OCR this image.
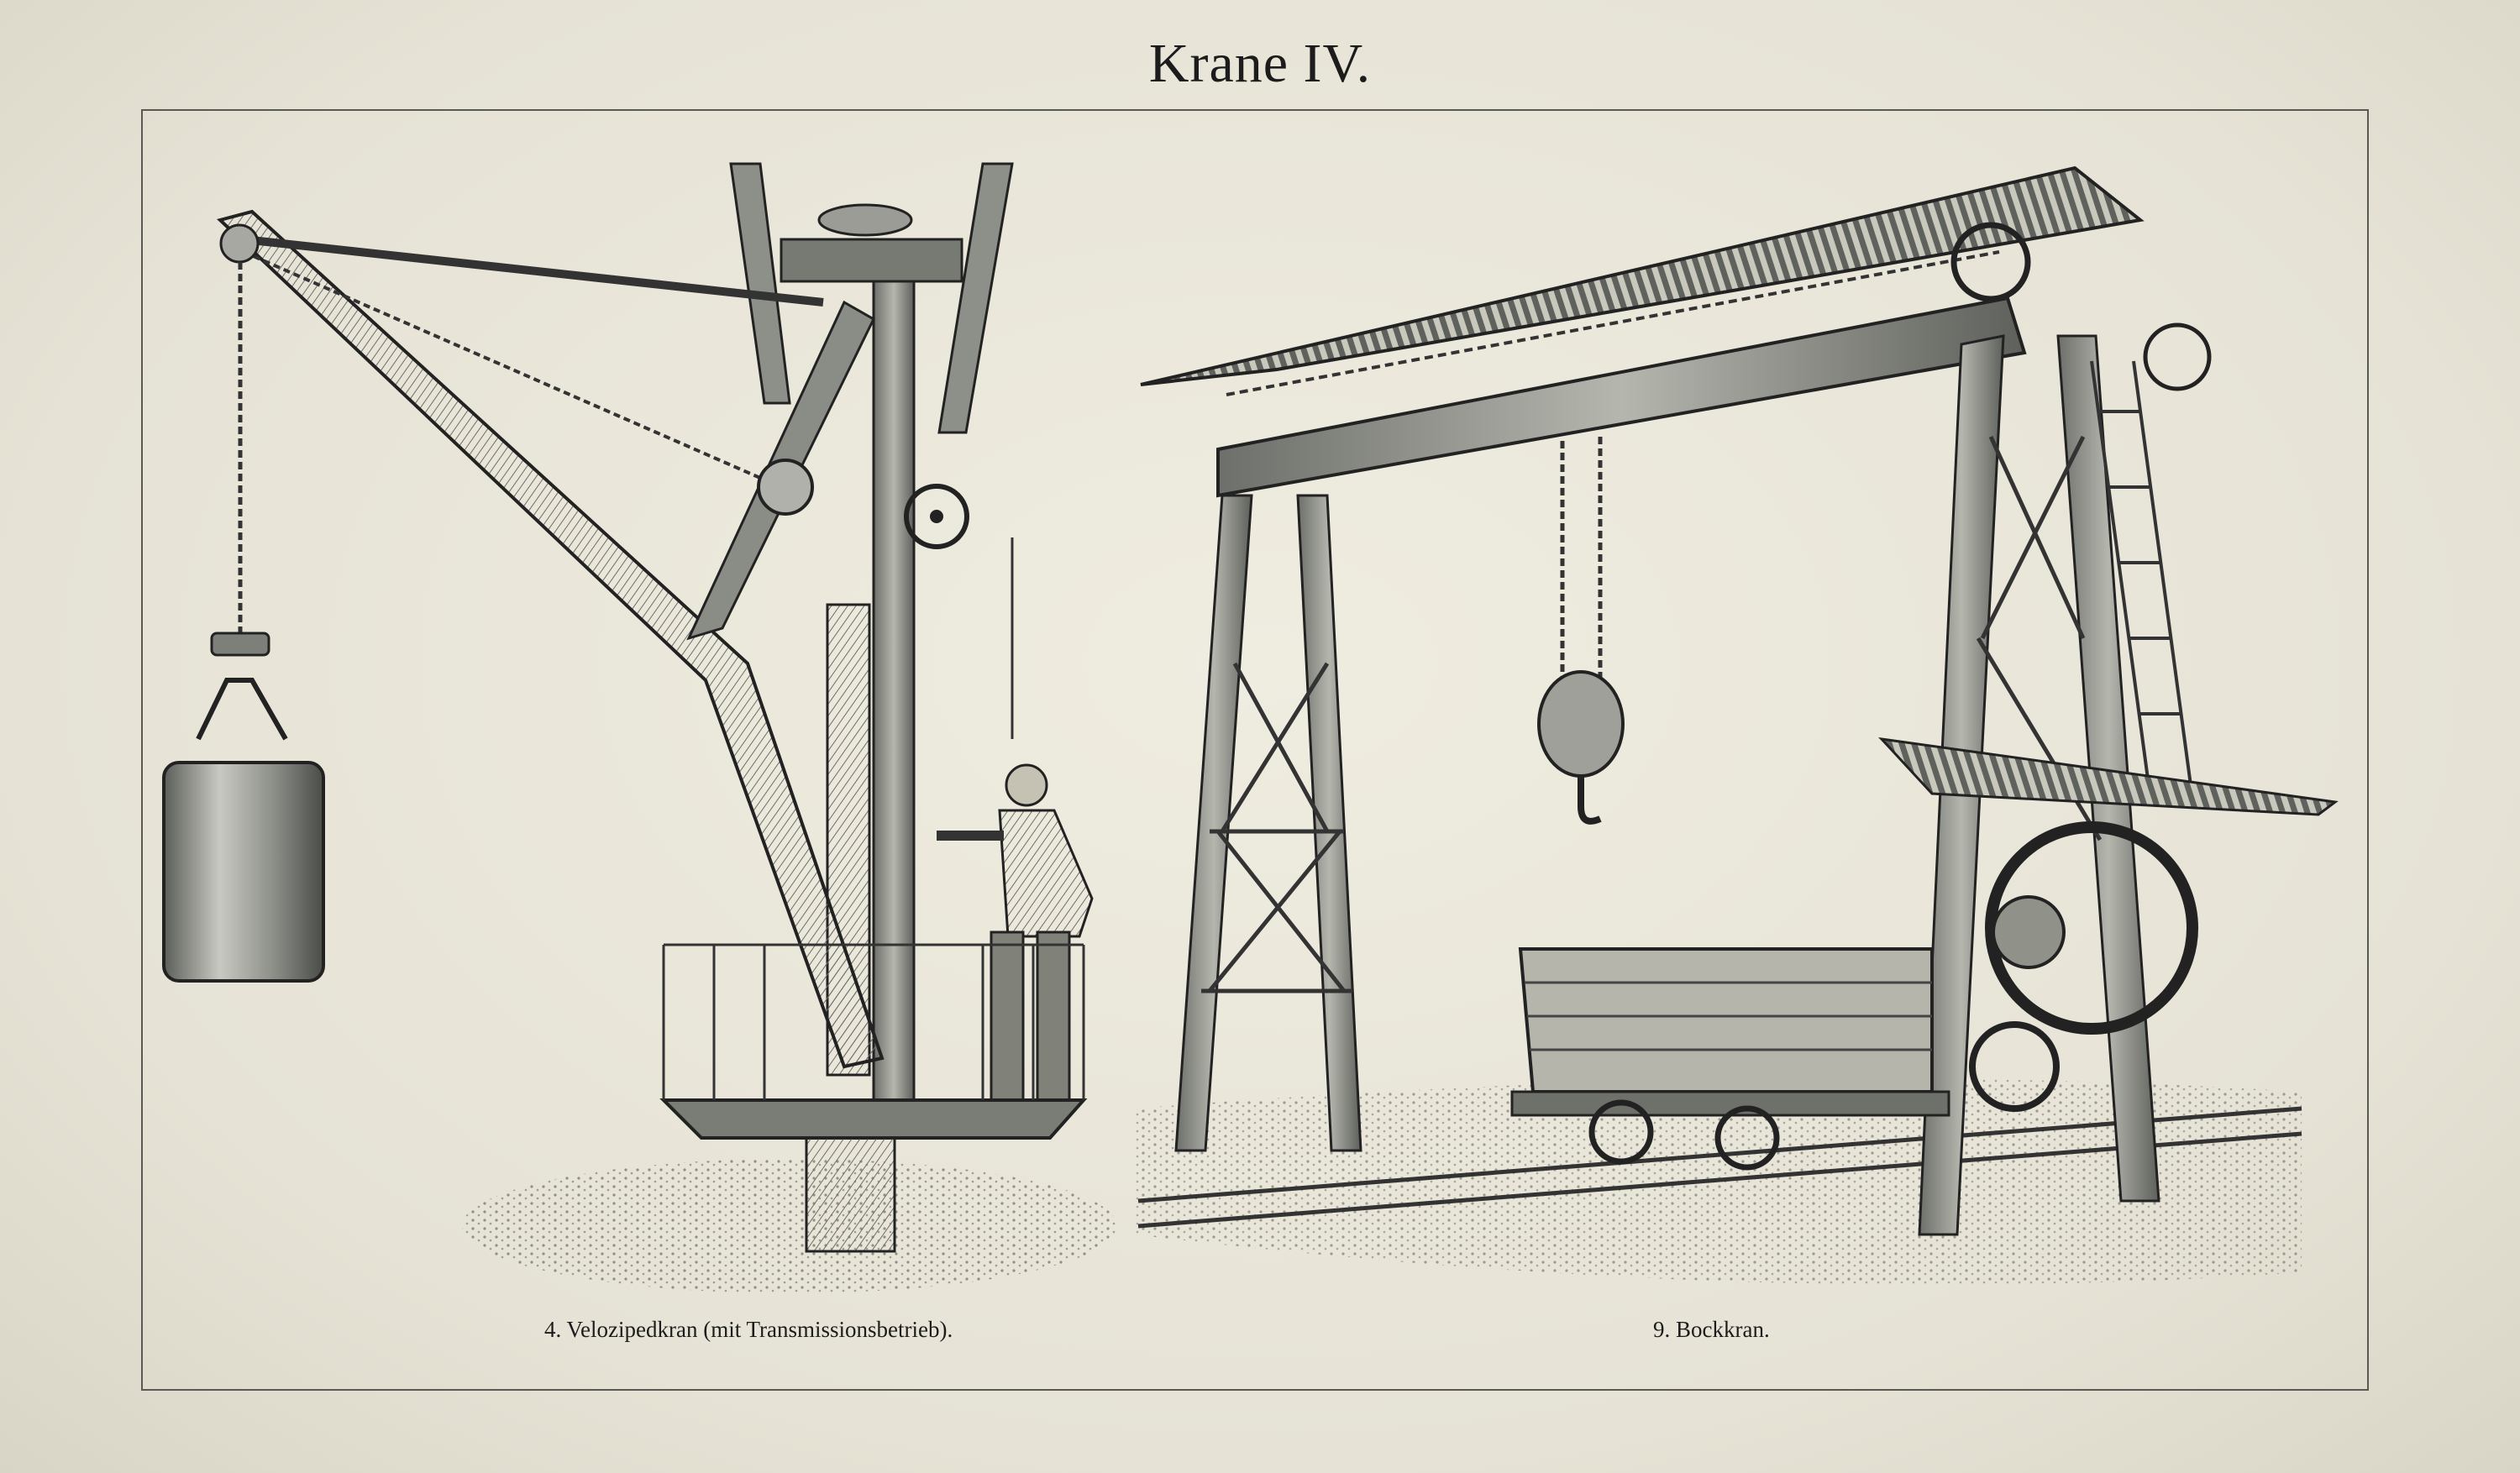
Krane IV.
4. Velozipedkran (mit Transmissionsbetrieb).	9. Bockkran.
